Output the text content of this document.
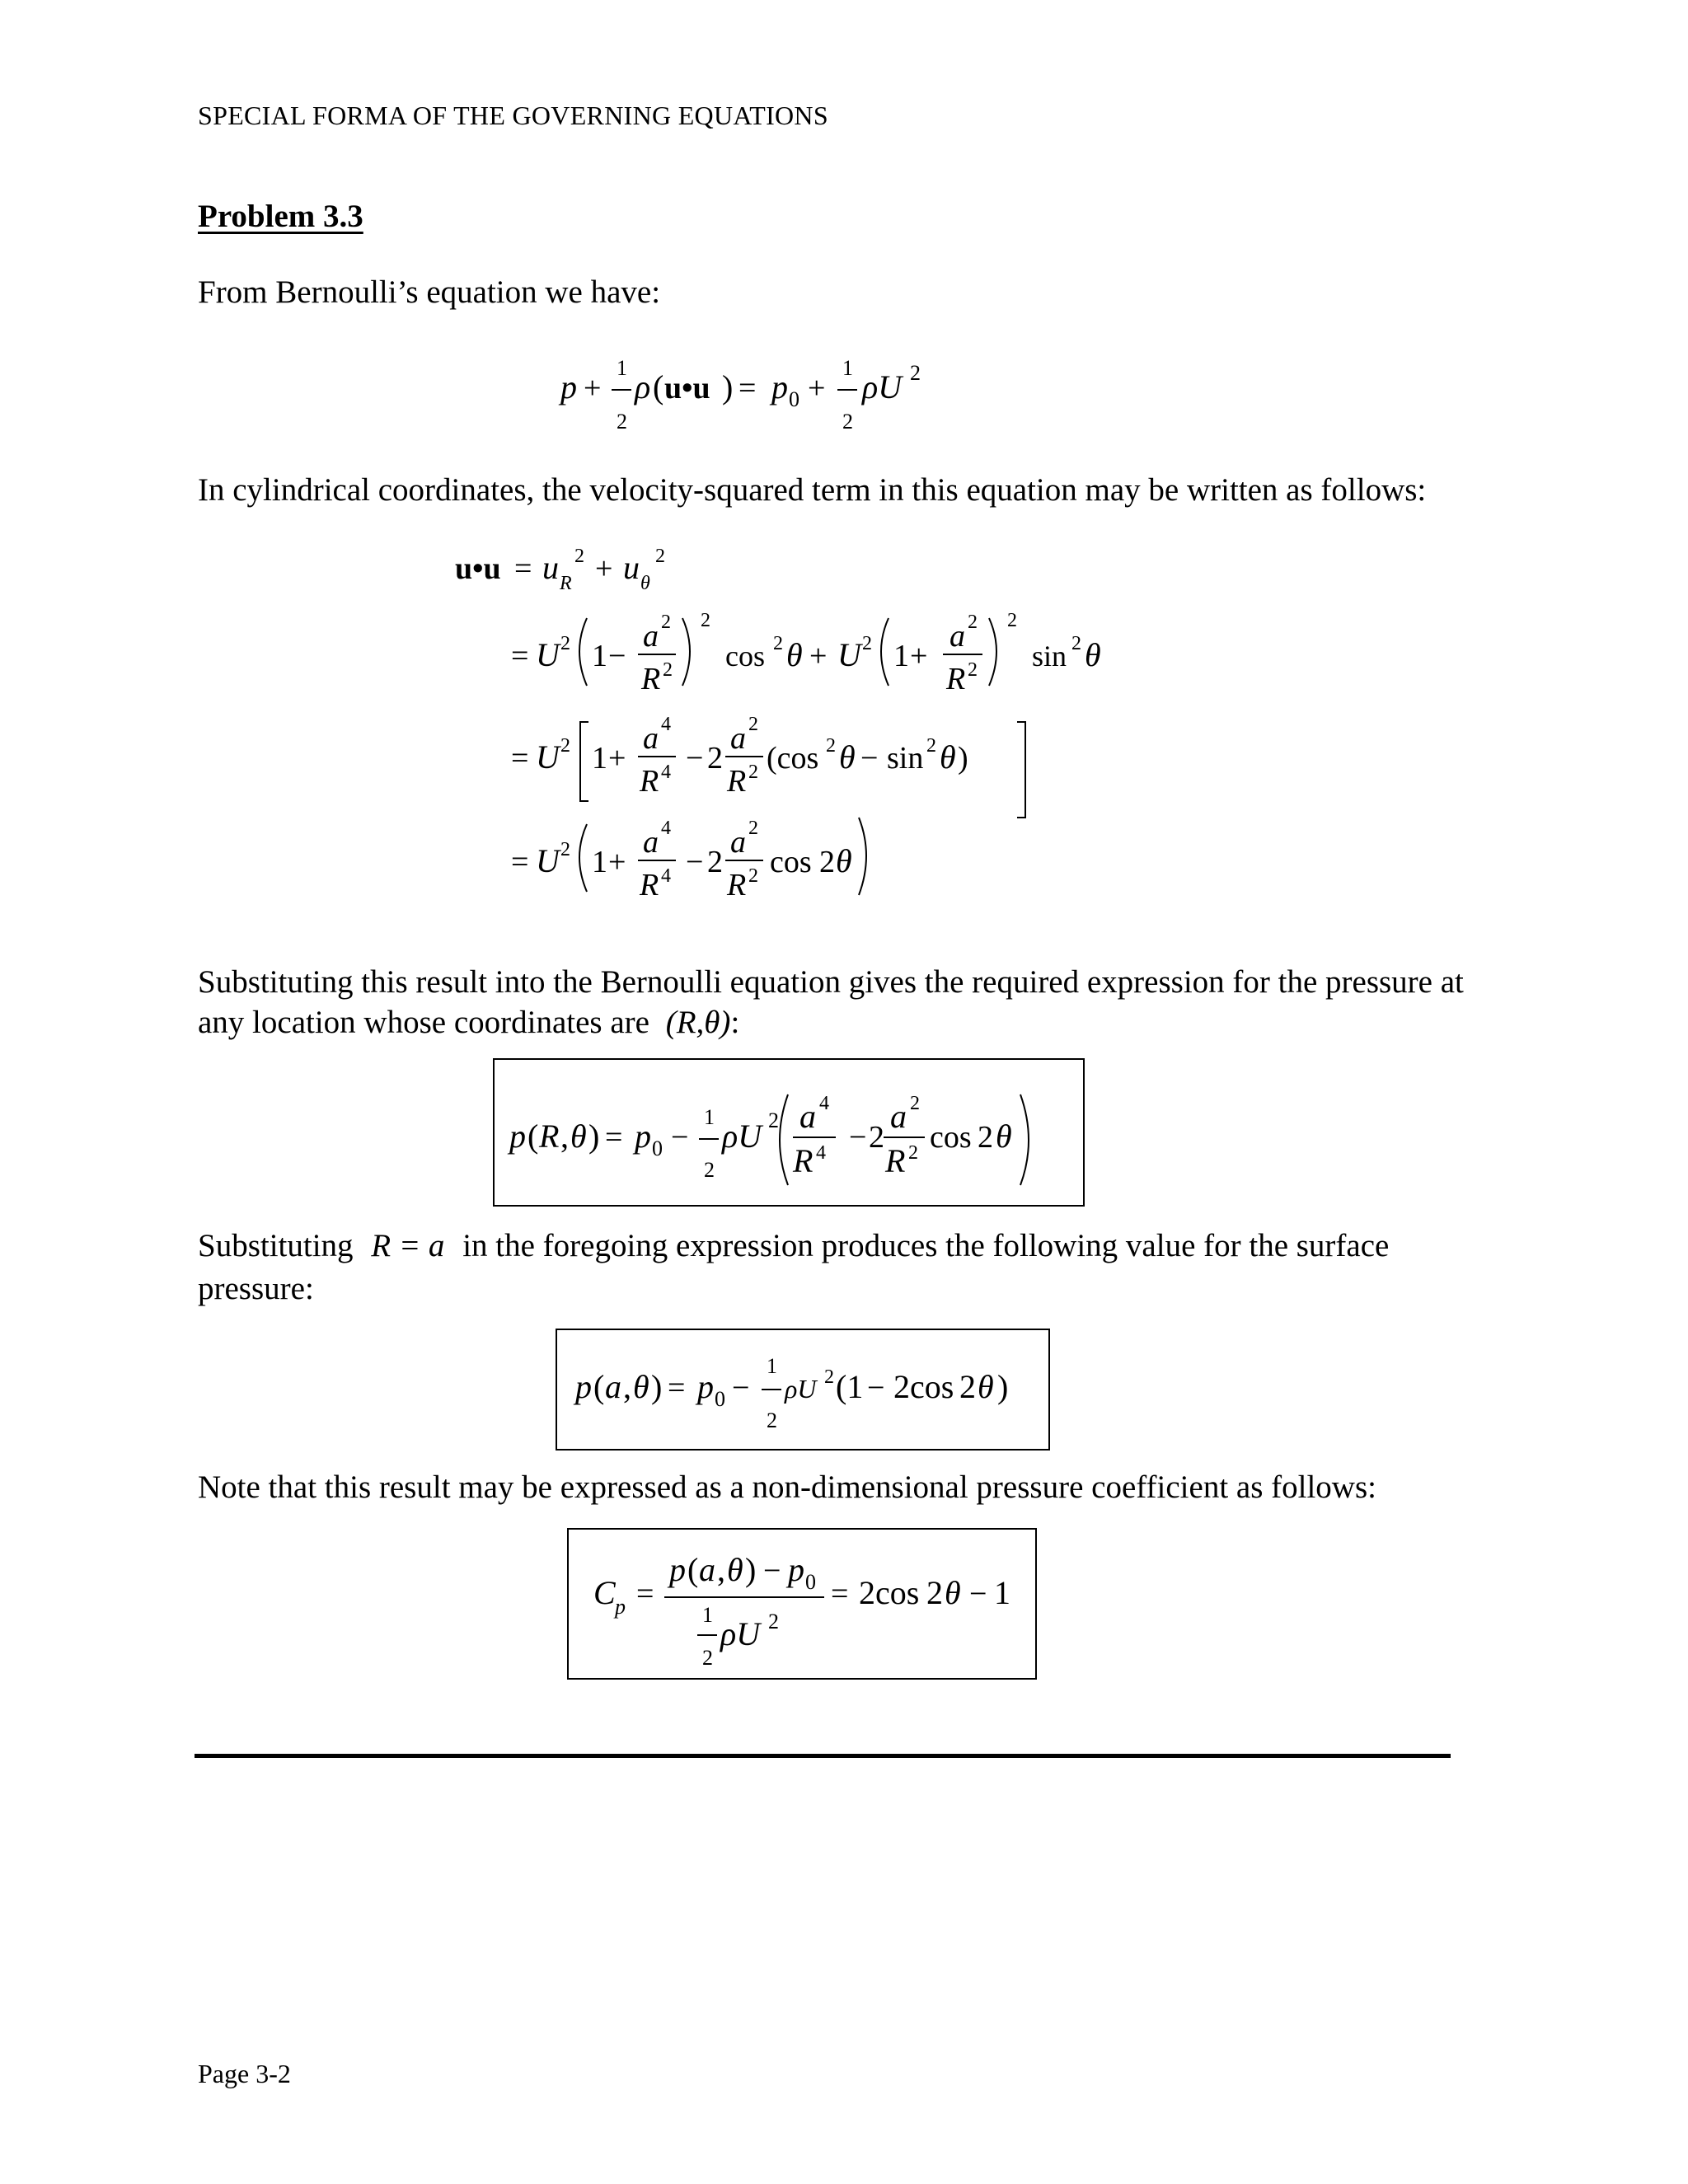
SPECIAL FORMA OF THE GOVERNING EQUATIONS
Problem 3.3
From Bernoulli’s equation we have:
p +
1
2
ρ ( u•u ) = p 0 +
1
2
ρU 2
In cylindrical coordinates, the velocity-squared term in this equation may be written as follows:
u•u = u R
2 + u θ
2
= U 2 1 −
a 2
R 2
2
cos 2 θ + U 2 1 +
a 2
R 2
2
sin 2 θ
= U 2 1 +
a 4
R 4 − 2
a 2
R 2 (cos 2 θ − sin 2 θ )
= U 2 1 +
a 4
R 4 − 2
a 2
R 2 cos 2 θ
Substituting this result into the Bernoulli equation gives the required expression for the pressure at any location whose coordinates are (R,θ):
p ( R , θ ) = p 0 −
1
2
ρU 2 a 4
R 4 − 2
a 2
R 2 cos 2 θ
Substituting R = a in the foregoing expression produces the following value for the surface pressure:
p ( a , θ ) = p 0 −
1
2
ρU 2 (1 − 2cos 2 θ )
Note that this result may be expressed as a non-dimensional pressure coefficient as follows:
C p =
p ( a , θ ) − p 0
1
2
ρU 2
= 2cos 2 θ − 1
Page 3-2
